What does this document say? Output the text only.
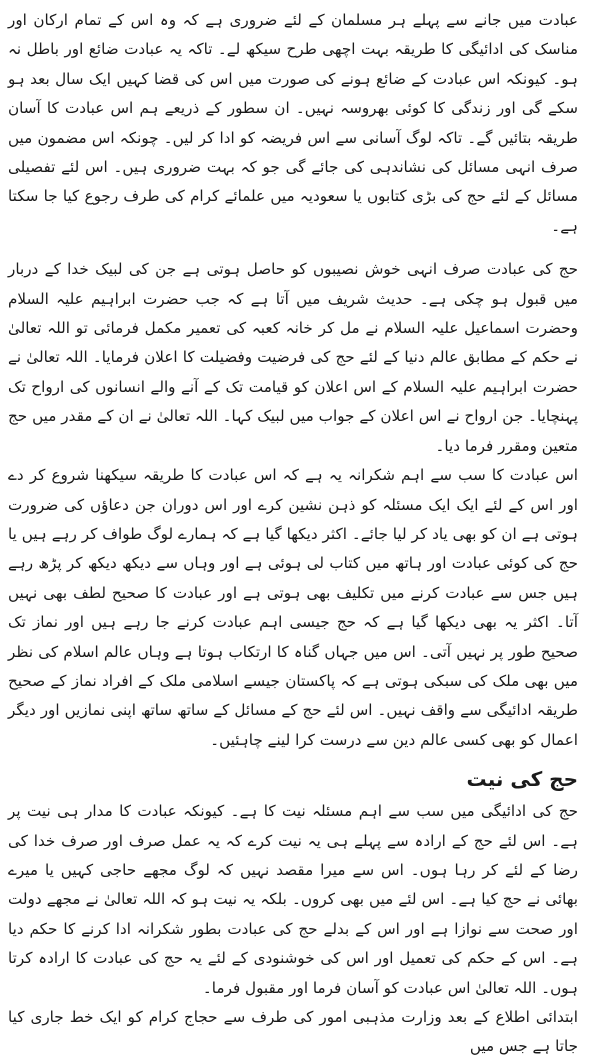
عبادت میں جانے سے پہلے ہر مسلمان کے لئے ضروری ہے کہ وہ اس کے تمام ارکان اور مناسک کی ادائیگی کا طریقہ بہت اچھی طرح سیکھ لے۔ تاکہ یہ عبادت ضائع اور باطل نہ ہو۔ کیونکہ اس عبادت کے ضائع ہونے کی صورت میں اس کی قضا کہیں ایک سال بعد ہو سکے گی اور زندگی کا کوئی بھروسہ نہیں۔ ان سطور کے ذریعے ہم اس عبادت کا آسان طریقہ بتائیں گے۔ تاکہ لوگ آسانی سے اس فریضہ کو ادا کر لیں۔ چونکہ اس مضمون میں صرف انہی مسائل کی نشاندہی کی جائے گی جو کہ بہت ضروری ہیں۔ اس لئے تفصیلی مسائل کے لئے حج کی بڑی کتابوں یا سعودیہ میں علمائے کرام کی طرف رجوع کیا جا سکتا ہے۔

حج کی عبادت صرف انہی خوش نصیبوں کو حاصل ہوتی ہے جن کی لبیک خدا کے دربار میں قبول ہو چکی ہے۔ حدیث شریف میں آتا ہے کہ جب حضرت ابراہیم علیہ السلام وحضرت اسماعیل علیہ السلام نے مل کر خانہ کعبہ کی تعمیر مکمل فرمائی تو اللہ تعالیٰ نے حکم کے مطابق عالم دنیا کے لئے حج کی فرضیت وفضیلت کا اعلان فرمایا۔ اللہ تعالیٰ نے حضرت ابراہیم علیہ السلام کے اس اعلان کو قیامت تک کے آنے والے انسانوں کی ارواح تک پہنچایا۔ جن ارواح نے اس اعلان کے جواب میں لبیک کہا۔ اللہ تعالیٰ نے ان کے مقدر میں حج متعین ومقرر فرما دیا۔

اس عبادت کا سب سے اہم شکرانہ یہ ہے کہ اس عبادت کا طریقہ سیکھنا شروع کر دے اور اس کے لئے ایک ایک مسئلہ کو ذہن نشین کرے اور اس دوران جن دعاؤں کی ضرورت ہوتی ہے ان کو بھی یاد کر لیا جائے۔ اکثر دیکھا گیا ہے کہ ہمارے لوگ طواف کر رہے ہیں یا حج کی کوئی عبادت اور ہاتھ میں کتاب لی ہوئی ہے اور وہاں سے دیکھ دیکھ کر پڑھ رہے ہیں جس سے عبادت کرنے میں تکلیف بھی ہوتی ہے اور عبادت کا صحیح لطف بھی نہیں آتا۔ اکثر یہ بھی دیکھا گیا ہے کہ حج جیسی اہم عبادت کرنے جا رہے ہیں اور نماز تک صحیح طور پر نہیں آتی۔ اس میں جہاں گناہ کا ارتکاب ہوتا ہے وہاں عالم اسلام کی نظر میں بھی ملک کی سبکی ہوتی ہے کہ پاکستان جیسے اسلامی ملک کے افراد نماز کے صحیح طریقہ ادائیگی سے واقف نہیں۔ اس لئے حج کے مسائل کے ساتھ ساتھ اپنی نمازیں اور دیگر اعمال کو بھی کسی عالم دین سے درست کرا لینے چاہئیں۔

حج کی نیت

حج کی ادائیگی میں سب سے اہم مسئلہ نیت کا ہے۔ کیونکہ عبادت کا مدار ہی نیت پر ہے۔ اس لئے حج کے ارادہ سے پہلے ہی یہ نیت کرے کہ یہ عمل صرف اور صرف خدا کی رضا کے لئے کر رہا ہوں۔ اس سے میرا مقصد نہیں کہ لوگ مجھے حاجی کہیں یا میرے بھائی نے حج کیا ہے۔ اس لئے میں بھی کروں۔ بلکہ یہ نیت ہو کہ اللہ تعالیٰ نے مجھے دولت اور صحت سے نوازا ہے اور اس کے بدلے حج کی عبادت بطور شکرانہ ادا کرنے کا حکم دیا ہے۔ اس کے حکم کی تعمیل اور اس کی خوشنودی کے لئے یہ حج کی عبادت کا ارادہ کرتا ہوں۔ اللہ تعالیٰ اس عبادت کو آسان فرما اور مقبول فرما۔

ابتدائی اطلاع کے بعد وزارت مذہبی امور کی طرف سے حجاج کرام کو ایک خط جاری کیا جاتا ہے جس میں
